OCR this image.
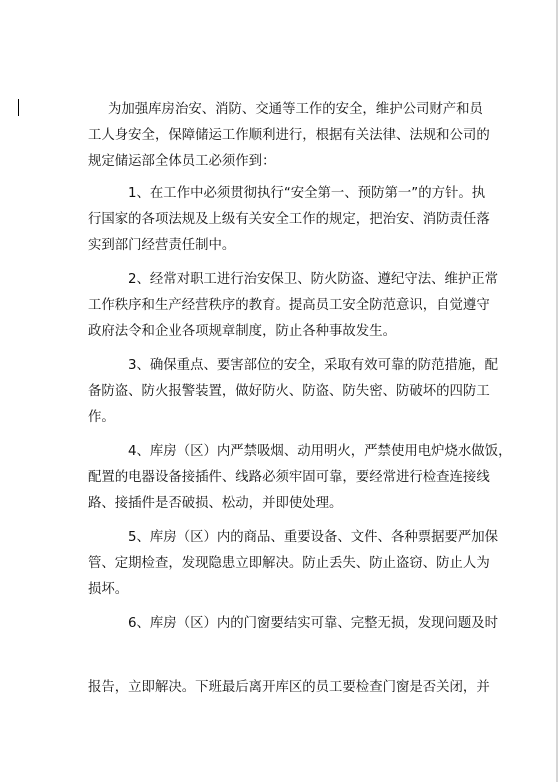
为加强库房治安、消防、交通等工作的安全，维护公司财产和员
工人身安全，保障储运工作顺利进行，根据有关法律、法规和公司的
规定储运部全体员工必须作到：
1、在工作中必须贯彻执行“安全第一、预防第一”的方针。执
行国家的各项法规及上级有关安全工作的规定，把治安、消防责任落
实到部门经营责任制中。
2、经常对职工进行治安保卫、防火防盗、遵纪守法、维护正常
工作秩序和生产经营秩序的教育。提高员工安全防范意识，自觉遵守
政府法令和企业各项规章制度，防止各种事故发生。
3、确保重点、要害部位的安全，采取有效可靠的防范措施，配
备防盗、防火报警装置，做好防火、防盗、防失密、防破坏的四防工
作。
4、库房（区）内严禁吸烟、动用明火，严禁使用电炉烧水做饭，
配置的电器设备接插件、线路必须牢固可靠，要经常进行检查连接线
路、接插件是否破损、松动，并即使处理。
5、库房（区）内的商品、重要设备、文件、各种票据要严加保
管、定期检查，发现隐患立即解决。防止丢失、防止盗窃、防止人为
损坏。
6、库房（区）内的门窗要结实可靠、完整无损，发现问题及时
报告，立即解决。下班最后离开库区的员工要检查门窗是否关闭，并
